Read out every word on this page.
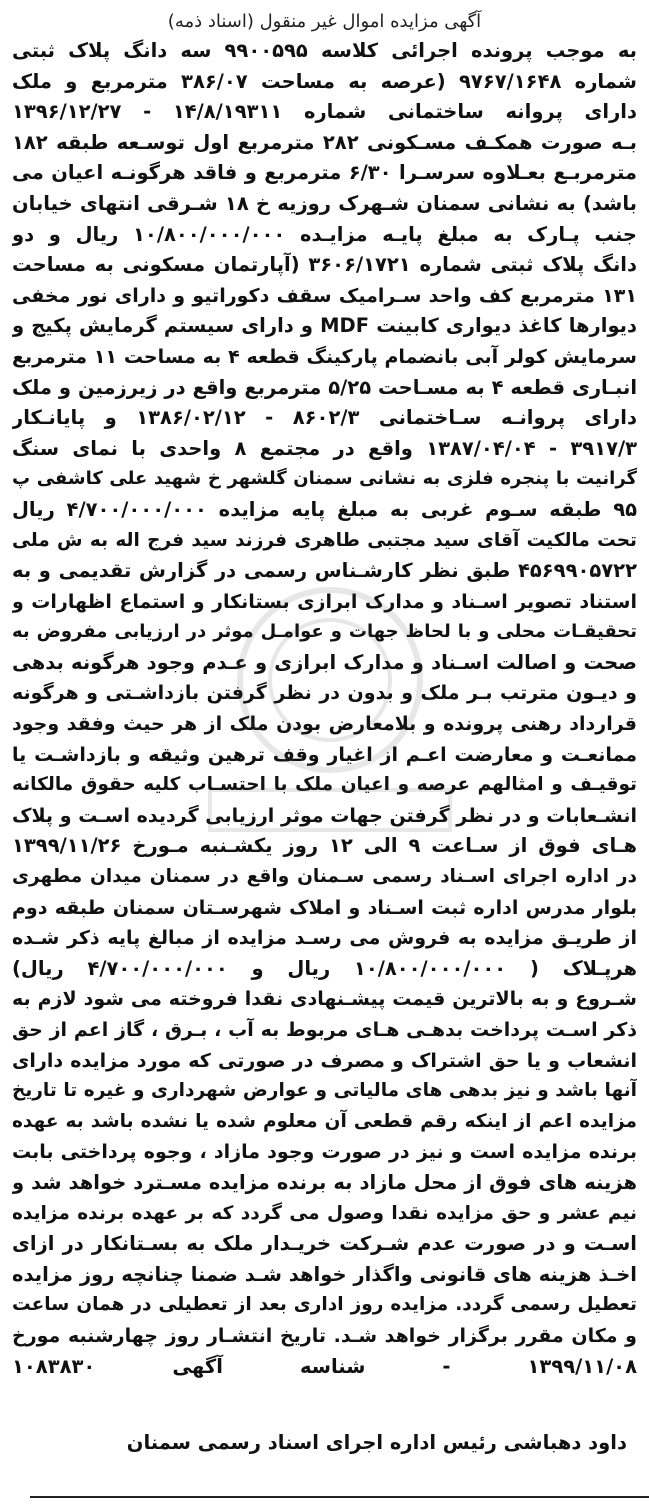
آگهی مزایده اموال غیر منقول (اسناد ذمه)
به موجب پرونده اجرائی کلاسه ۹۹۰۰۵۹۵ سه دانگ پلاک ثبتی
شماره ۹۷۶۷/۱۶۴۸ (عرصه به مساحت ۳۸۶/۰۷ مترمربع و ملک
دارای پروانه ساختمانی شماره ۱۴/۸/۱۹۳۱۱ - ۱۳۹۶/۱۲/۲۷
بـه صورت همکـف مسـکونی ۲۸۲ مترمربع اول توسـعه طبقه ۱۸۲
مترمربـع بعـلاوه سرسـرا ۶/۳۰ مترمربع و فاقد هرگونـه اعیان می
باشد) به نشانی سمنان شـهرک روزیه خ ۱۸ شـرقی انتهای خیابان
جنب پـارک به مبلغ پایـه مزایـده ۱۰/۸۰۰/۰۰۰/۰۰۰ ریال و دو
دانگ پلاک ثبتی شماره ۳۶۰۶/۱۷۲۱ (آپارتمان مسکونی به مساحت
۱۳۱ مترمربع کف واحد سـرامیک سقف دکوراتیو و دارای نور مخفی
دیوارها کاغذ دیواری کابینت MDF و دارای سیستم گرمایش پکیج و
سرمایش کولر آبی بانضمام پارکینگ قطعه ۴ به مساحت ۱۱ مترمربع
انبـاری قطعه ۴ به مسـاحت ۵/۲۵ مترمربع واقع در زیرزمین و ملک
دارای پروانـه سـاختمانی ۸۶۰۲/۳ - ۱۳۸۶/۰۲/۱۲ و پایانـکار
۳۹۱۷/۳ - ۱۳۸۷/۰۴/۰۴ واقع در مجتمع ۸ واحدی با نمای سنگ
گرانیت با پنجره فلزی به نشانی سمنان گلشهر خ شهید علی کاشفی پ
۹۵ طبقه سـوم غربی به مبلغ پایه مزایده ۴/۷۰۰/۰۰۰/۰۰۰ ریال
تحت مالکیت آقای سید مجتبی طاهری فرزند سید فرج اله به ش ملی
۴۵۶۹۹۰۵۷۲۲ طبق نظر کارشـناس رسمی در گزارش تقدیمی و به
استناد تصویر اسـناد و مدارک ابرازی بستانکار و استماع اظهارات و
تحقیقـات محلی و با لحاظ جهات و عوامـل موثر در ارزیابی مفروض به
صحت و اصالت اسـناد و مدارک ابرازی و عـدم وجود هرگونه بدهی
و دیـون مترتب بـر ملک و بدون در نظر گرفتن بازداشـتی و هرگونه
قرارداد رهنی پرونده و بلامعارض بودن ملک از هر حیث وفقد وجود
ممانعـت و معارضت اعـم از اغیار وقف ترهین وثیقه و بازداشـت یا
توقیـف و امثالهم عرصه و اعیان ملک با احتسـاب کلیه حقوق مالکانه
انشـعابات و در نظر گرفتن جهات موثر ارزیابی گردیده اسـت و پلاک
هـای فوق از سـاعت ۹ الی ۱۲ روز یکشـنبه مـورخ ۱۳۹۹/۱۱/۲۶
در اداره اجرای اسـناد رسمی سـمنان واقع در سمنان میدان مطهری
بلوار مدرس اداره ثبت اسـناد و املاک شهرسـتان سمنان طبقه دوم
از طریـق مزایده به فروش می رسـد مزایده از مبالغ پایه ذکر شـده
هرپـلاک ( ۱۰/۸۰۰/۰۰۰/۰۰۰ ریال و ۴/۷۰۰/۰۰۰/۰۰۰ ریال)
شـروع و به بالاترین قیمت پیشـنهادی نقدا فروخته می شود لازم به
ذکر اسـت پرداخت بدهـی هـای مربوط به آب ، بـرق ، گاز اعم از حق
انشعاب و یا حق اشتراک و مصرف در صورتی که مورد مزایده دارای
آنها باشد و نیز بدهی های مالیاتی و عوارض شهرداری و غیره تا تاریخ
مزایده اعم از اینکه رقم قطعی آن معلوم شده یا نشده باشد به عهده
برنده مزایده است و نیز در صورت وجود مازاد ، وجوه پرداختی بابت
هزینه های فوق از محل مازاد به برنده مزایده مسـترد خواهد شد و
نیم عشر و حق مزایده نقدا وصول می گردد که بر عهده برنده مزایده
اسـت و در صورت عدم شـرکت خریـدار ملک به بسـتانکار در ازای
اخـذ هزینه های قانونی واگذار خواهد شـد ضمنا چنانچه روز مزایده
تعطیل رسمی گردد. مزایده روز اداری بعد از تعطیلی در همان ساعت
و مکان مقرر برگزار خواهد شـد. تاریخ انتشـار روز چهارشنبه مورخ
۱۳۹۹/۱۱/۰۸ - شناسه آگهی ۱۰۸۳۸۳۰
داود دهباشی رئیس اداره اجرای اسناد رسمی سمنان
